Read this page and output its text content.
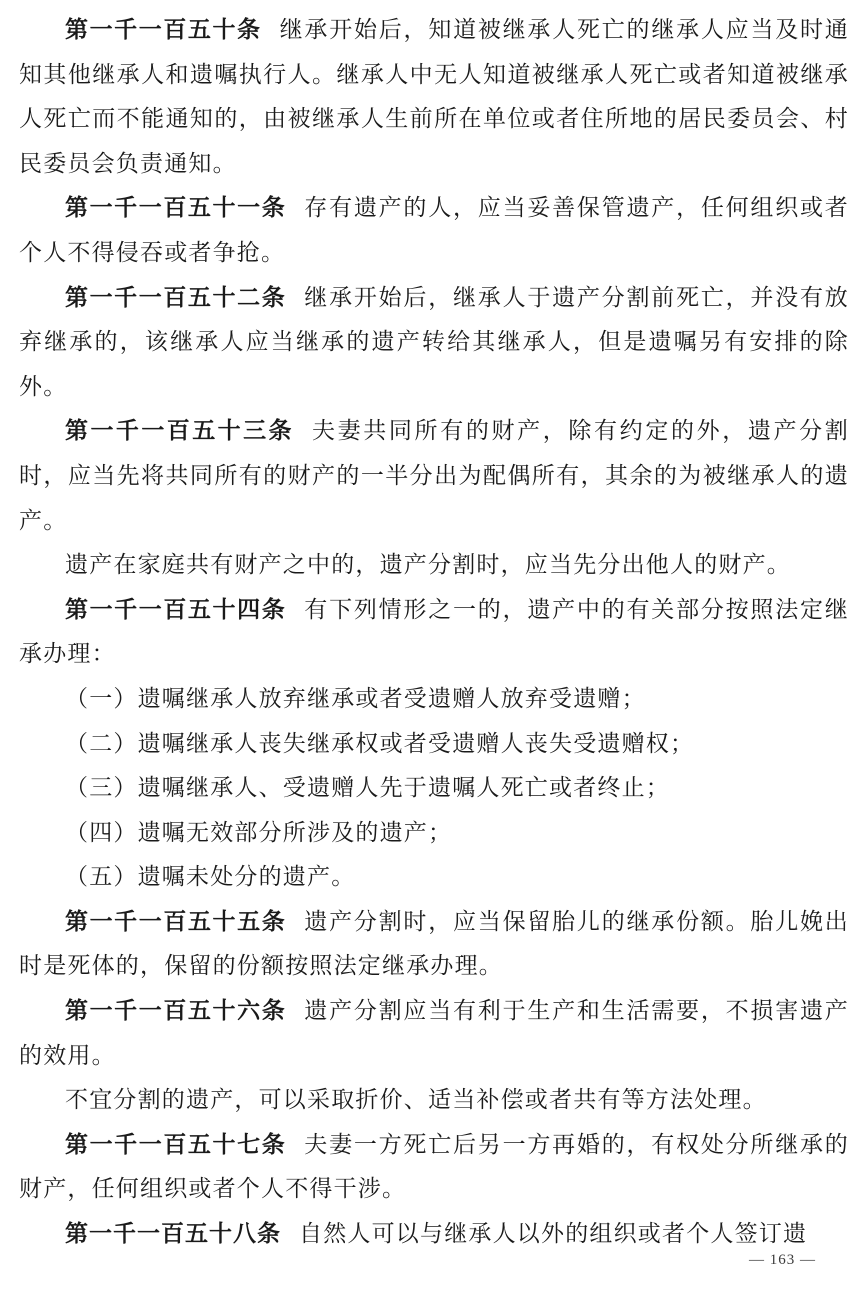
第一千一百五十条 继承开始后，知道被继承人死亡的继承人应当及时通知其他继承人和遗嘱执行人。继承人中无人知道被继承人死亡或者知道被继承人死亡而不能通知的，由被继承人生前所在单位或者住所地的居民委员会、村民委员会负责通知。

第一千一百五十一条 存有遗产的人，应当妥善保管遗产，任何组织或者个人不得侵吞或者争抢。

第一千一百五十二条 继承开始后，继承人于遗产分割前死亡，并没有放弃继承的，该继承人应当继承的遗产转给其继承人，但是遗嘱另有安排的除外。

第一千一百五十三条 夫妻共同所有的财产，除有约定的外，遗产分割时，应当先将共同所有的财产的一半分出为配偶所有，其余的为被继承人的遗产。

遗产在家庭共有财产之中的，遗产分割时，应当先分出他人的财产。

第一千一百五十四条 有下列情形之一的，遗产中的有关部分按照法定继承办理：

（一）遗嘱继承人放弃继承或者受遗赠人放弃受遗赠；

（二）遗嘱继承人丧失继承权或者受遗赠人丧失受遗赠权；

（三）遗嘱继承人、受遗赠人先于遗嘱人死亡或者终止；

（四）遗嘱无效部分所涉及的遗产；

（五）遗嘱未处分的遗产。

第一千一百五十五条 遗产分割时，应当保留胎儿的继承份额。胎儿娩出时是死体的，保留的份额按照法定继承办理。

第一千一百五十六条 遗产分割应当有利于生产和生活需要，不损害遗产的效用。

不宜分割的遗产，可以采取折价、适当补偿或者共有等方法处理。

第一千一百五十七条 夫妻一方死亡后另一方再婚的，有权处分所继承的财产，任何组织或者个人不得干涉。

第一千一百五十八条 自然人可以与继承人以外的组织或者个人签订遗

— 163 —
